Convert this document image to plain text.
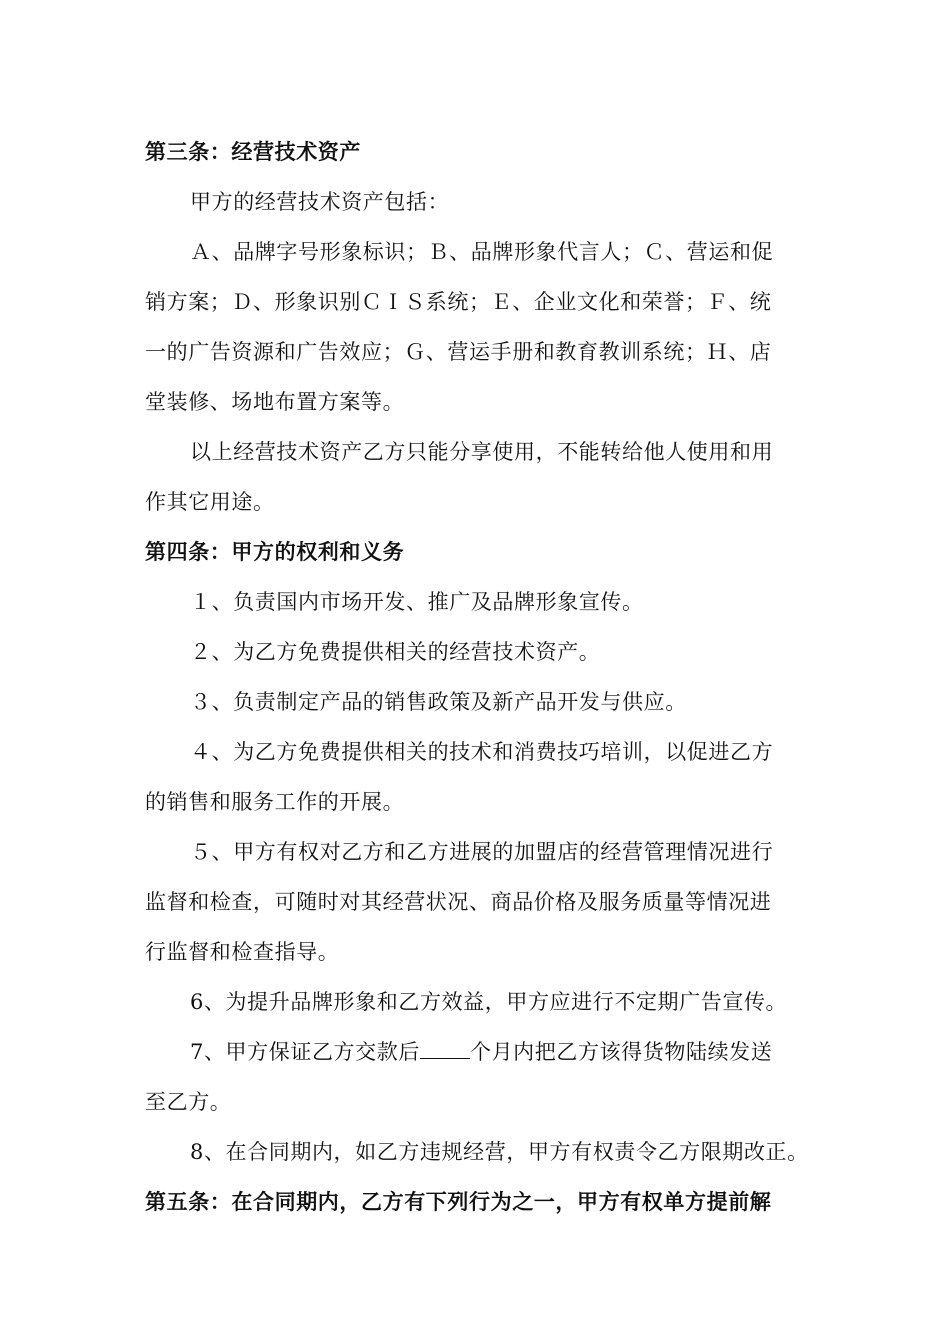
第三条：经营技术资产
甲方的经营技术资产包括：
Ａ、品牌字号形象标识；Ｂ、品牌形象代言人；Ｃ、营运和促
销方案；Ｄ、形象识别ＣＩＳ系统；Ｅ、企业文化和荣誉；Ｆ、统
一的广告资源和广告效应；Ｇ、营运手册和教育教训系统；Ｈ、店
堂装修、场地布置方案等。
以上经营技术资产乙方只能分享使用，不能转给他人使用和用
作其它用途。
第四条：甲方的权利和义务
１、负责国内市场开发、推广及品牌形象宣传。
２、为乙方免费提供相关的经营技术资产。
３、负责制定产品的销售政策及新产品开发与供应。
４、为乙方免费提供相关的技术和消费技巧培训，以促进乙方
的销售和服务工作的开展。
５、甲方有权对乙方和乙方进展的加盟店的经营管理情况进行
监督和检查，可随时对其经营状况、商品价格及服务质量等情况进
行监督和检查指导。
6、为提升品牌形象和乙方效益，甲方应进行不定期广告宣传。
7、甲方保证乙方交款后 个月内把乙方该得货物陆续发送
至乙方。
8、在合同期内，如乙方违规经营，甲方有权责令乙方限期改正。
第五条：在合同期内，乙方有下列行为之一，甲方有权单方提前解
